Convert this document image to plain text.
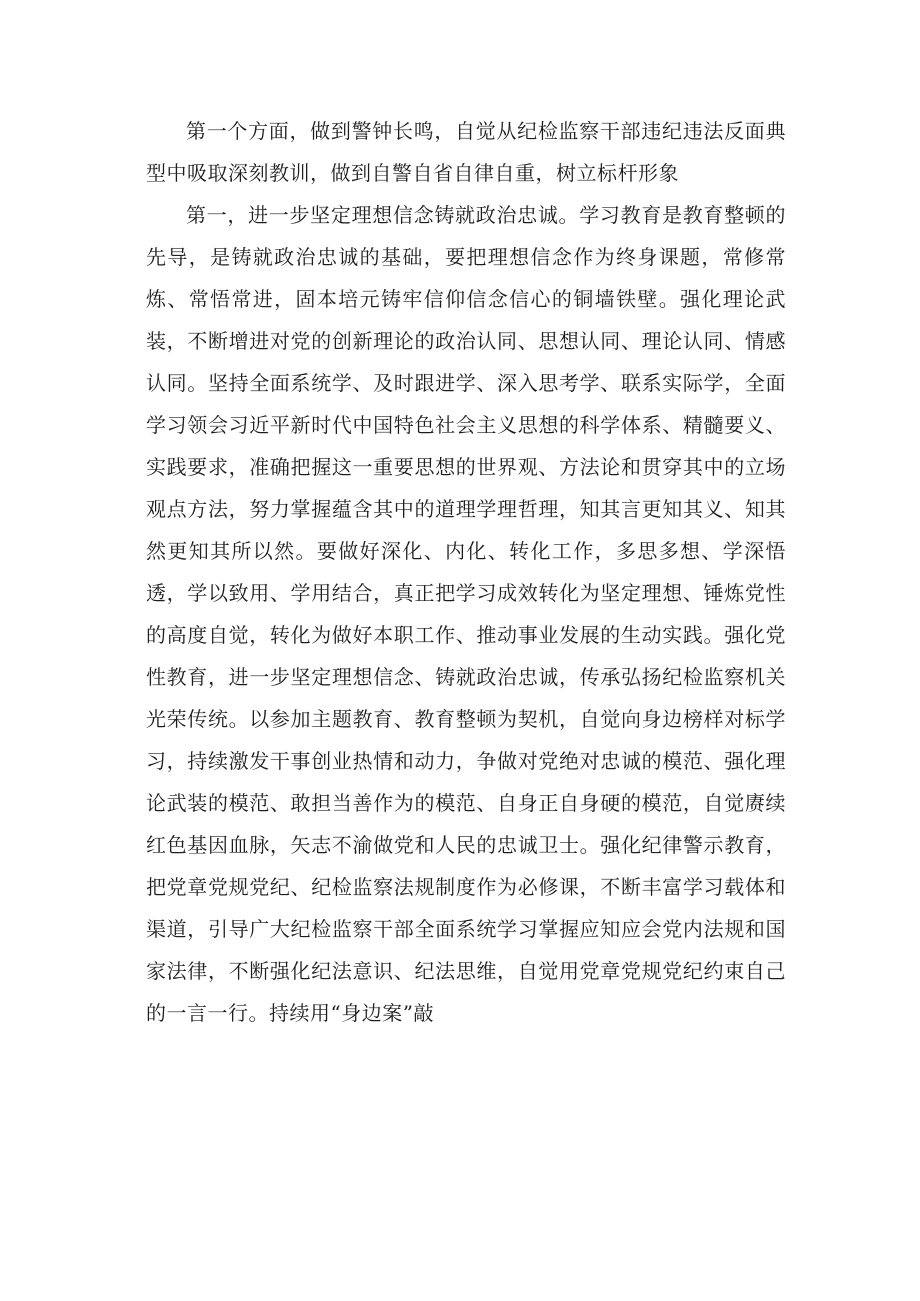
第一个方面，做到警钟长鸣，自觉从纪检监察干部违纪违法反面典型中吸取深刻教训，做到自警自省自律自重，树立标杆形象

第一，进一步坚定理想信念铸就政治忠诚。学习教育是教育整顿的先导，是铸就政治忠诚的基础，要把理想信念作为终身课题，常修常炼、常悟常进，固本培元铸牢信仰信念信心的铜墙铁壁。强化理论武装，不断增进对党的创新理论的政治认同、思想认同、理论认同、情感认同。坚持全面系统学、及时跟进学、深入思考学、联系实际学，全面学习领会习近平新时代中国特色社会主义思想的科学体系、精髓要义、实践要求，准确把握这一重要思想的世界观、方法论和贯穿其中的立场观点方法，努力掌握蕴含其中的道理学理哲理，知其言更知其义、知其然更知其所以然。要做好深化、内化、转化工作，多思多想、学深悟透，学以致用、学用结合，真正把学习成效转化为坚定理想、锤炼党性的高度自觉，转化为做好本职工作、推动事业发展的生动实践。强化党性教育，进一步坚定理想信念、铸就政治忠诚，传承弘扬纪检监察机关光荣传统。以参加主题教育、教育整顿为契机，自觉向身边榜样对标学习，持续激发干事创业热情和动力，争做对党绝对忠诚的模范、强化理论武装的模范、敢担当善作为的模范、自身正自身硬的模范，自觉赓续红色基因血脉，矢志不渝做党和人民的忠诚卫士。强化纪律警示教育，把党章党规党纪、纪检监察法规制度作为必修课，不断丰富学习载体和渠道，引导广大纪检监察干部全面系统学习掌握应知应会党内法规和国家法律，不断强化纪法意识、纪法思维，自觉用党章党规党纪约束自己的一言一行。持续用“身边案”敲
